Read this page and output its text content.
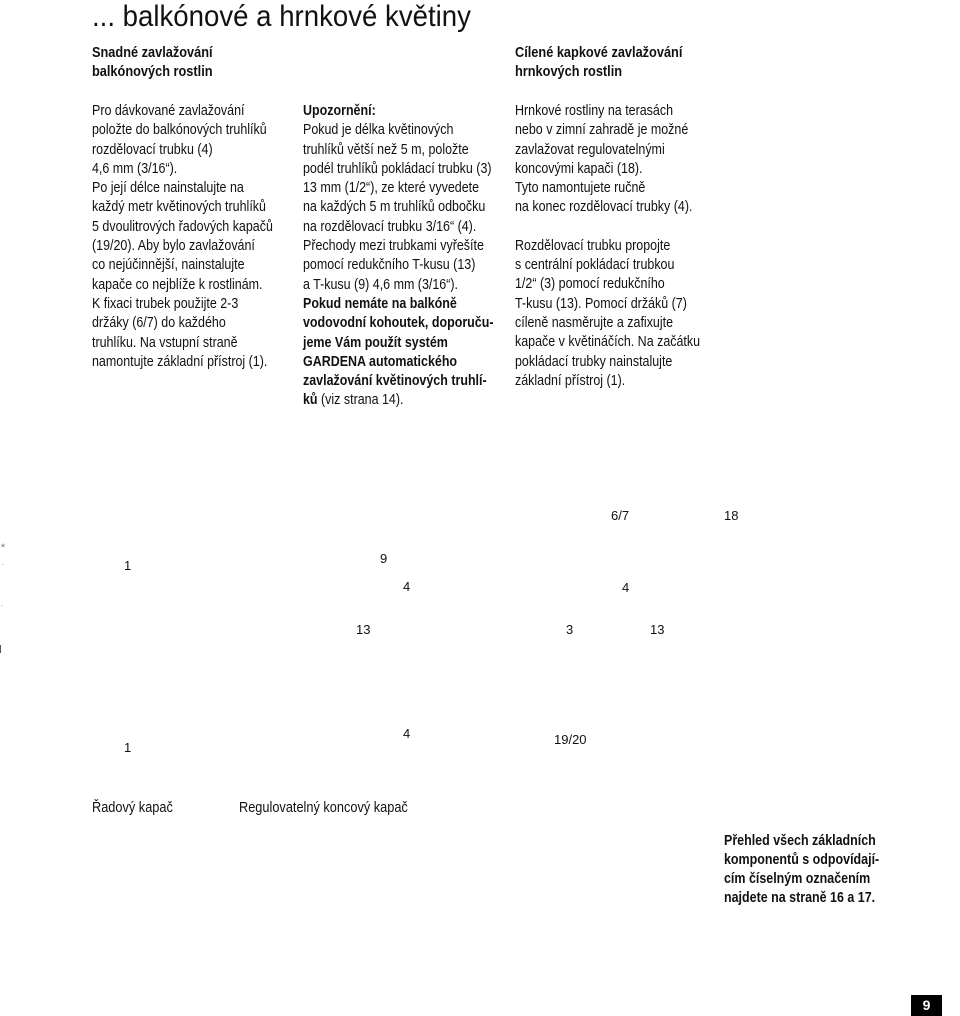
... balkónové a hrnkové květiny
Snadné zavlažování
balkónových rostlin
Cílené kapkové zavlažování
hrnkových rostlin
Pro dávkované zavlažování
položte do balkónových truhlíků
rozdělovací trubku (4)
4,6 mm (3/16“).
Po její délce nainstalujte na
každý metr květinových truhlíků
5 dvoulitrových řadových kapačů
(19/20). Aby bylo zavlažování
co nejúčinnější, nainstalujte
kapače co nejblíže k rostlinám.
K fixaci trubek použijte 2-3
držáky (6/7) do každého
truhlíku. Na vstupní straně
namontujte základní přístroj (1).
Upozornění:
Pokud je délka květinových
truhlíků větší než 5 m, položte
podél truhlíků pokládací trubku (3)
13 mm (1/2“), ze které vyvedete
na každých 5 m truhlíků odbočku
na rozdělovací trubku 3/16“ (4).
Přechody mezi trubkami vyřešíte
pomocí redukčního T-kusu (13)
a T-kusu (9) 4,6 mm (3/16“).
Pokud nemáte na balkóně
vodovodní kohoutek, doporuču-
jeme Vám použít systém
GARDENA automatického
zavlažování květinových truhlí-
ků (viz strana 14).
Hrnkové rostliny na terasách
nebo v zimní zahradě je možné
zavlažovat regulovatelnými
koncovými kapači (18).
Tyto namontujete ručně
na konec rozdělovací trubky (4).
Rozdělovací trubku propojte
s centrální pokládací trubkou
1/2“ (3) pomocí redukčního
T-kusu (13). Pomocí držáků (7)
cíleně nasměrujte a zafixujte
kapače v květináčích. Na začátku
pokládací trubky nainstalujte
základní přístroj (1).
6/7	18
1	9
4	4
13	3	13
4
1
19/20
⁎
˙
˙
Řadový kapač	Regulovatelný koncový kapač
Přehled všech základních
komponentů s odpovídají-
cím číselným označením
najdete na straně 16 a 17.
9
